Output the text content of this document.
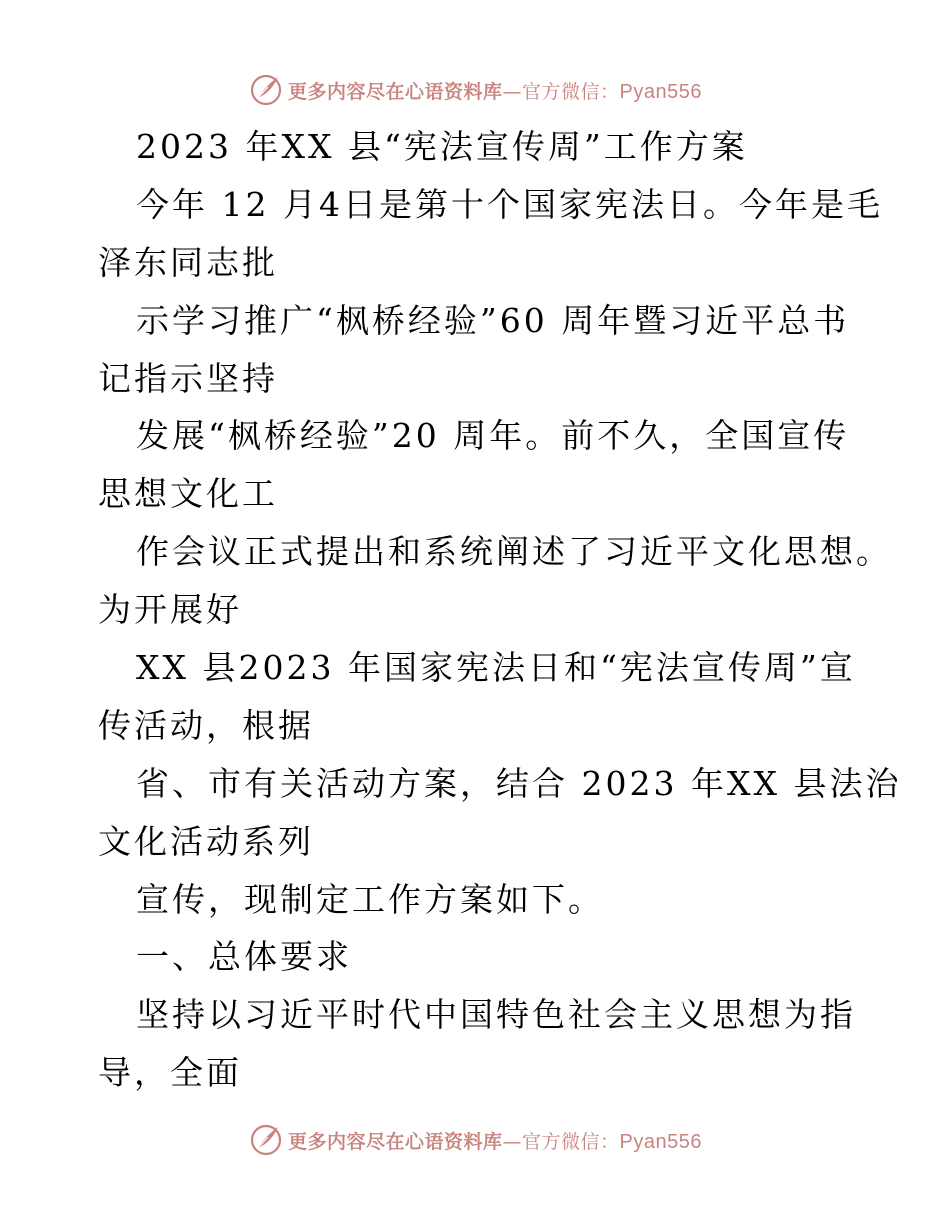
更多内容尽在心语资料库—官方微信：Pyan556
2023 年XX 县“宪法宣传周”工作方案
今年 12 月4日是第十个国家宪法日。今年是毛
泽东同志批
示学习推广“枫桥经验”60 周年暨习近平总书
记指示坚持
发展“枫桥经验”20 周年。前不久，全国宣传
思想文化工
作会议正式提出和系统阐述了习近平文化思想。
为开展好
XX 县2023 年国家宪法日和“宪法宣传周”宣
传活动，根据
省、市有关活动方案，结合 2023 年XX 县法治
文化活动系列
宣传，现制定工作方案如下。
一、总体要求
坚持以习近平时代中国特色社会主义思想为指
导，全面
更多内容尽在心语资料库—官方微信：Pyan556
